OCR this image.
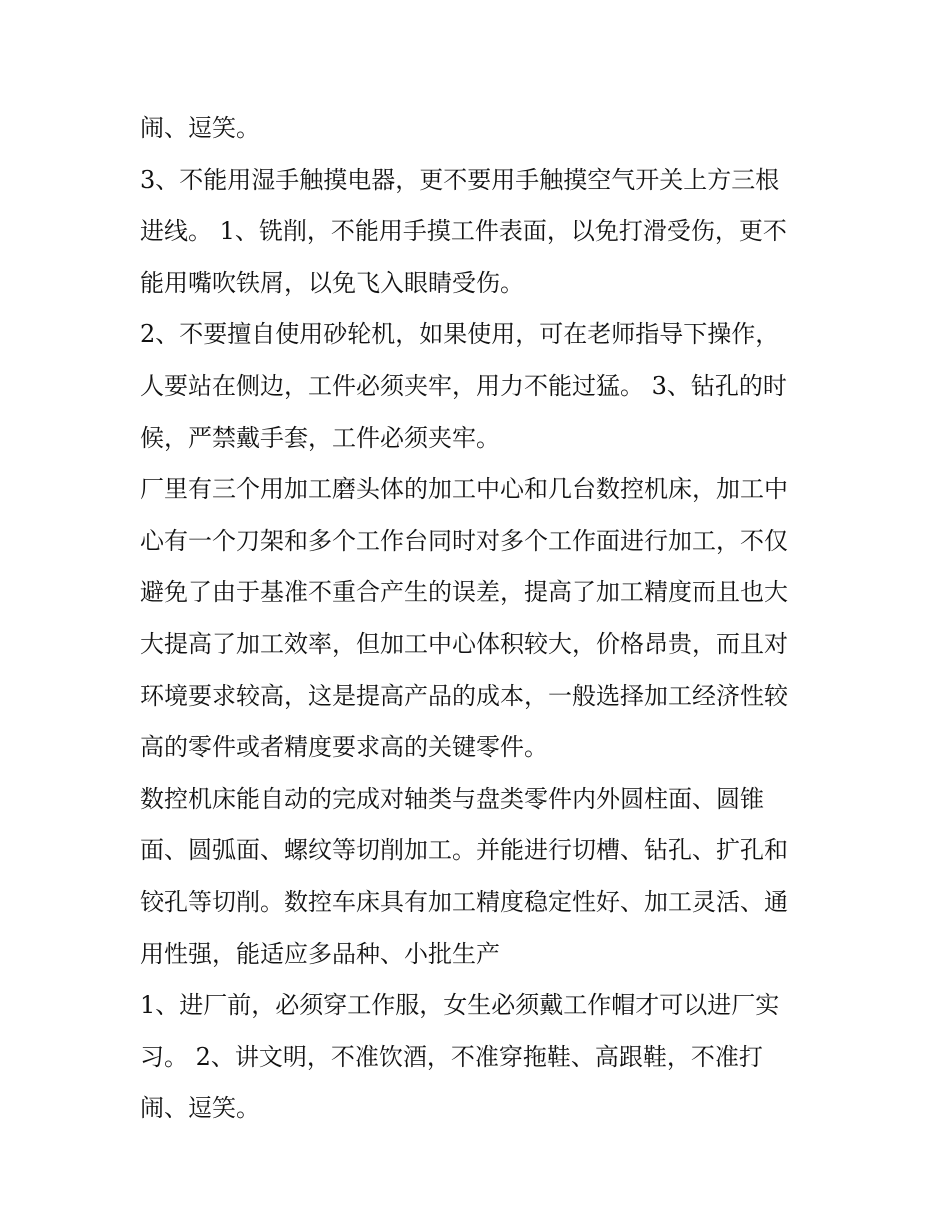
闹、逗笑。
3、不能用湿手触摸电器，更不要用手触摸空气开关上方三根
进线。 1、铣削，不能用手摸工件表面，以免打滑受伤，更不
能用嘴吹铁屑，以免飞入眼睛受伤。
2、不要擅自使用砂轮机，如果使用，可在老师指导下操作，
人要站在侧边，工件必须夹牢，用力不能过猛。 3、钻孔的时
候，严禁戴手套，工件必须夹牢。
厂里有三个用加工磨头体的加工中心和几台数控机床，加工中
心有一个刀架和多个工作台同时对多个工作面进行加工，不仅
避免了由于基准不重合产生的误差，提高了加工精度而且也大
大提高了加工效率，但加工中心体积较大，价格昂贵，而且对
环境要求较高，这是提高产品的成本，一般选择加工经济性较
高的零件或者精度要求高的关键零件。
数控机床能自动的完成对轴类与盘类零件内外圆柱面、圆锥
面、圆弧面、螺纹等切削加工。并能进行切槽、钻孔、扩孔和
铰孔等切削。数控车床具有加工精度稳定性好、加工灵活、通
用性强，能适应多品种、小批生产
1、进厂前，必须穿工作服，女生必须戴工作帽才可以进厂实
习。 2、讲文明，不准饮酒，不准穿拖鞋、高跟鞋，不准打
闹、逗笑。
